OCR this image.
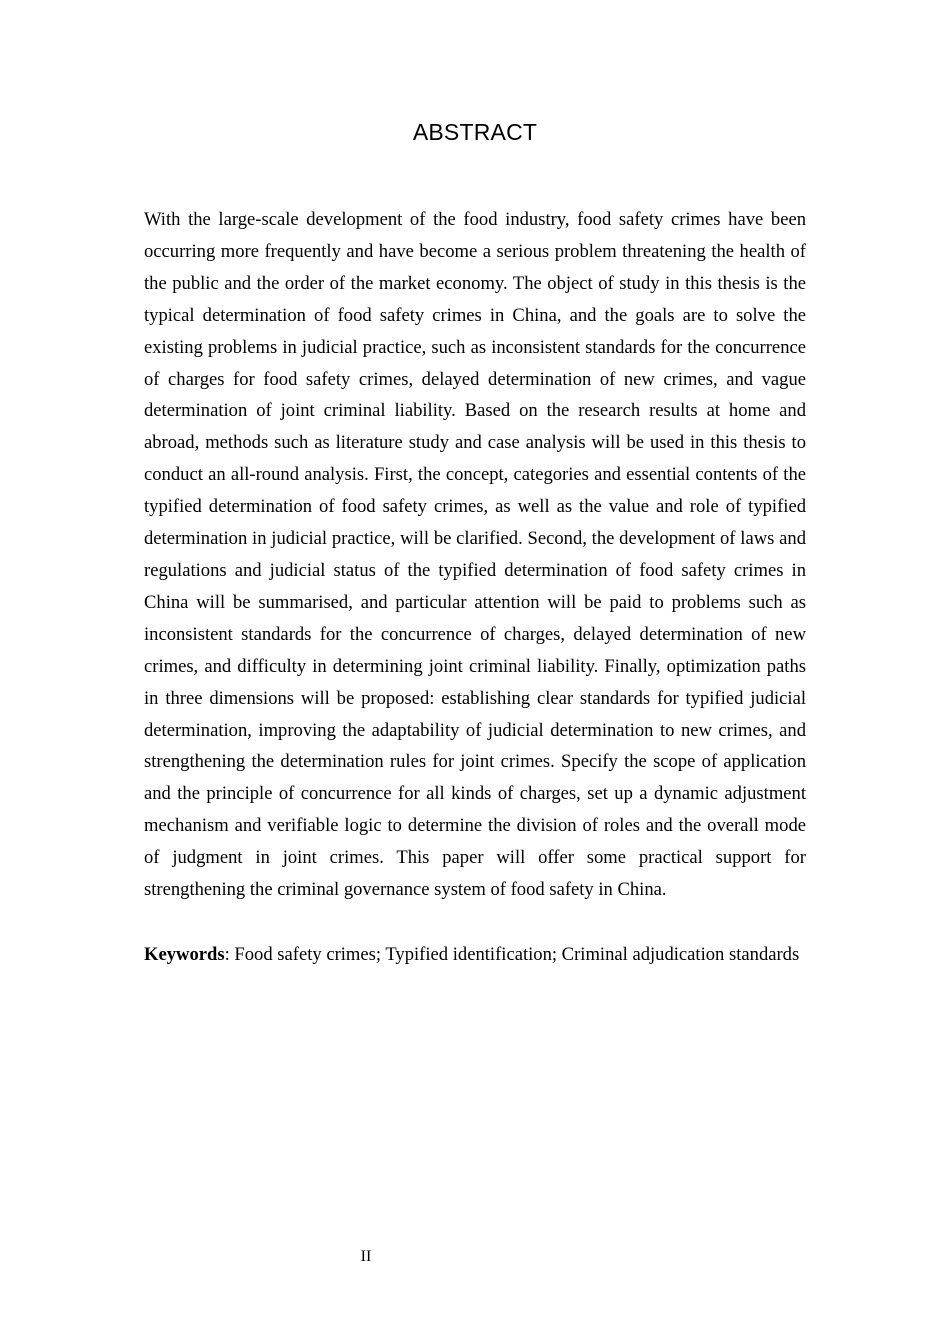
ABSTRACT

With the large-scale development of the food industry, food safety crimes have been occurring more frequently and have become a serious problem threatening the health of the public and the order of the market economy. The object of study in this thesis is the typical determination of food safety crimes in China, and the goals are to solve the existing problems in judicial practice, such as inconsistent standards for the concurrence of charges for food safety crimes, delayed determination of new crimes, and vague determination of joint criminal liability. Based on the research results at home and abroad, methods such as literature study and case analysis will be used in this thesis to conduct an all-round analysis. First, the concept, categories and essential contents of the typified determination of food safety crimes, as well as the value and role of typified determination in judicial practice, will be clarified. Second, the development of laws and regulations and judicial status of the typified determination of food safety crimes in China will be summarised, and particular attention will be paid to problems such as inconsistent standards for the concurrence of charges, delayed determination of new crimes, and difficulty in determining joint criminal liability. Finally, optimization paths in three dimensions will be proposed: establishing clear standards for typified judicial determination, improving the adaptability of judicial determination to new crimes, and strengthening the determination rules for joint crimes. Specify the scope of application and the principle of concurrence for all kinds of charges, set up a dynamic adjustment mechanism and verifiable logic to determine the division of roles and the overall mode of judgment in joint crimes. This paper will offer some practical support for strengthening the criminal governance system of food safety in China.

Keywords: Food safety crimes; Typified identification; Criminal adjudication standards

II
